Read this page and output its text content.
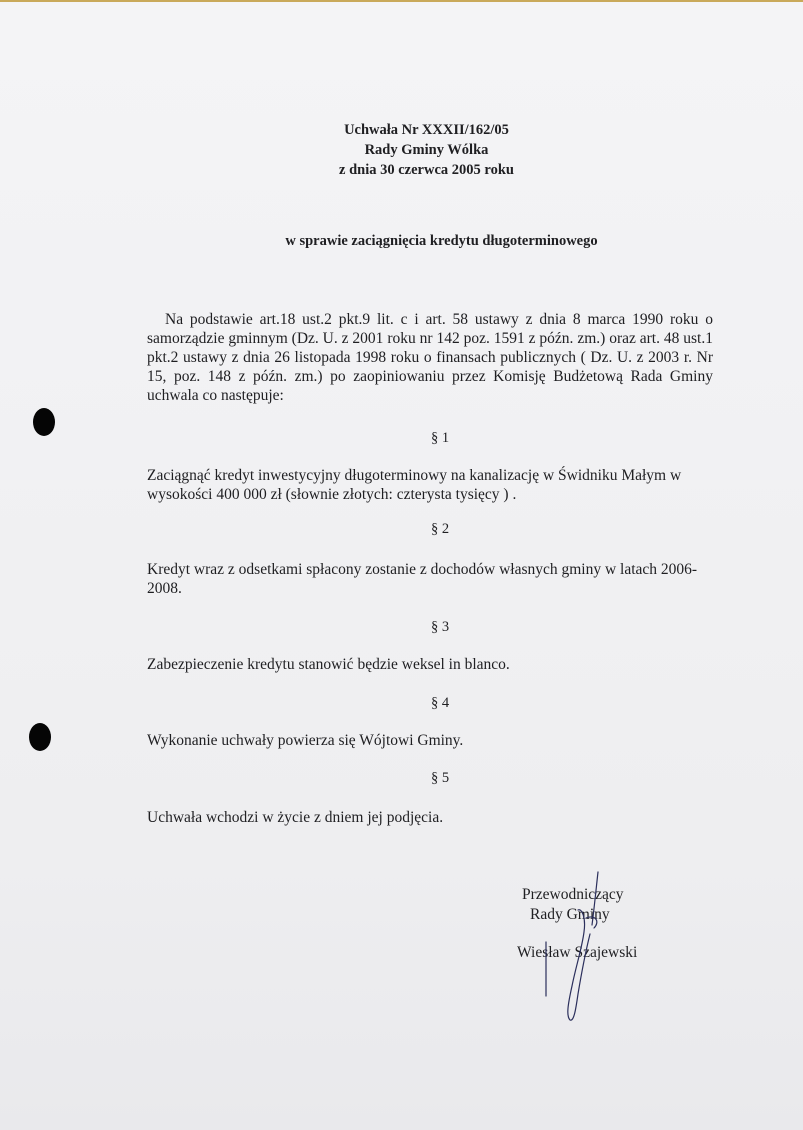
Uchwała Nr XXXII/162/05
Rady Gminy Wólka
z dnia 30 czerwca 2005 roku
w sprawie zaciągnięcia kredytu długoterminowego

Na podstawie art.18 ust.2 pkt.9 lit. c i art. 58 ustawy z dnia 8 marca 1990 roku o samorządzie gminnym (Dz. U. z 2001 roku nr 142 poz. 1591 z późn. zm.) oraz art. 48 ust.1 pkt.2 ustawy z dnia 26 listopada 1998 roku o finansach publicznych ( Dz. U. z 2003 r. Nr 15, poz. 148 z późn. zm.) po zaopiniowaniu przez Komisję Budżetową Rada Gminy uchwala co następuje:

§ 1

Zaciągnąć kredyt inwestycyjny długoterminowy na kanalizację w Świdniku Małym w wysokości 400 000 zł (słownie złotych: czterysta tysięcy ) .

§ 2

Kredyt wraz z odsetkami spłacony zostanie z dochodów własnych gminy w latach 2006-2008.

§ 3

Zabezpieczenie kredytu stanowić będzie weksel in blanco.

§ 4

Wykonanie uchwały powierza się Wójtowi Gminy.

§ 5

Uchwała wchodzi w życie z dniem jej podjęcia.

Przewodniczący
Rady Gminy
Wiesław Szajewski
